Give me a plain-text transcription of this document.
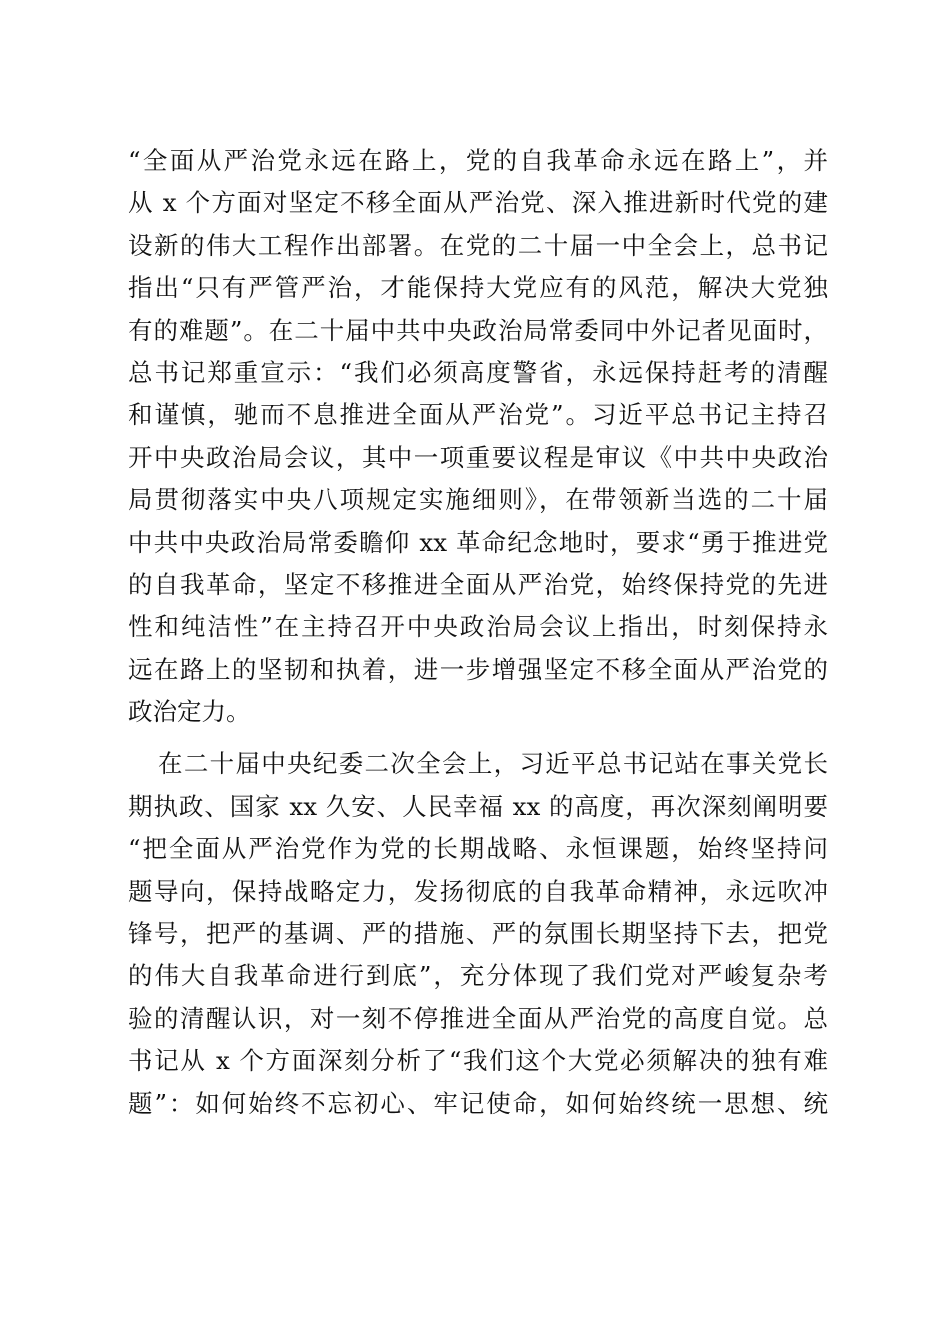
“全面从严治党永远在路上，党的自我革命永远在路上”，并
从 x 个方面对坚定不移全面从严治党、深入推进新时代党的建
设新的伟大工程作出部署。在党的二十届一中全会上，总书记
指出“只有严管严治，才能保持大党应有的风范，解决大党独
有的难题”。在二十届中共中央政治局常委同中外记者见面时，
总书记郑重宣示：“我们必须高度警省，永远保持赶考的清醒
和谨慎，驰而不息推进全面从严治党”。习近平总书记主持召
开中央政治局会议，其中一项重要议程是审议《中共中央政治
局贯彻落实中央八项规定实施细则》，在带领新当选的二十届
中共中央政治局常委瞻仰 xx 革命纪念地时，要求“勇于推进党
的自我革命，坚定不移推进全面从严治党，始终保持党的先进
性和纯洁性”在主持召开中央政治局会议上指出，时刻保持永
远在路上的坚韧和执着，进一步增强坚定不移全面从严治党的
政治定力。
在二十届中央纪委二次全会上，习近平总书记站在事关党长
期执政、国家 xx 久安、人民幸福 xx 的高度，再次深刻阐明要
“把全面从严治党作为党的长期战略、永恒课题，始终坚持问
题导向，保持战略定力，发扬彻底的自我革命精神，永远吹冲
锋号，把严的基调、严的措施、严的氛围长期坚持下去，把党
的伟大自我革命进行到底”，充分体现了我们党对严峻复杂考
验的清醒认识，对一刻不停推进全面从严治党的高度自觉。总
书记从 x 个方面深刻分析了“我们这个大党必须解决的独有难
题”：如何始终不忘初心、牢记使命，如何始终统一思想、统
